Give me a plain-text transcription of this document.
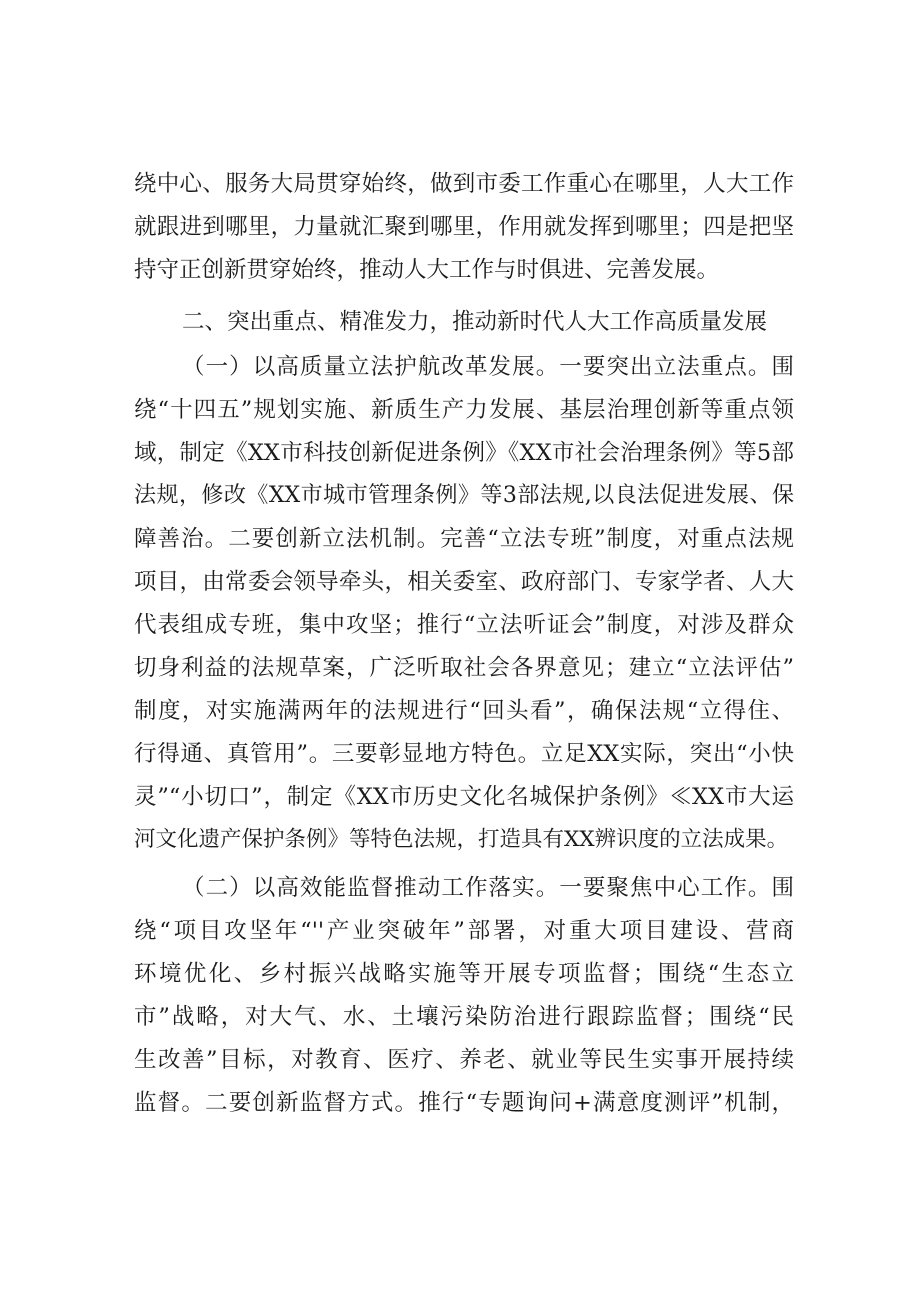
绕中心、服务大局贯穿始终，做到市委工作重心在哪里，人大工作
就跟进到哪里，力量就汇聚到哪里，作用就发挥到哪里；四是把坚
持守正创新贯穿始终，推动人大工作与时俱进、完善发展。
二、突出重点、精准发力，推动新时代人大工作高质量发展
（一）以高质量立法护航改革发展。一要突出立法重点。围
绕“十四五”规划实施、新质生产力发展、基层治理创新等重点领
域，制定《XX市科技创新促进条例》《XX市社会治理条例》等5部
法规，修改《XX市城市管理条例》等3部法规,以良法促进发展、保
障善治。二要创新立法机制。完善“立法专班”制度，对重点法规
项目，由常委会领导牵头，相关委室、政府部门、专家学者、人大
代表组成专班，集中攻坚；推行“立法听证会”制度，对涉及群众
切身利益的法规草案，广泛听取社会各界意见；建立“立法评估”
制度，对实施满两年的法规进行“回头看”，确保法规“立得住、
行得通、真管用”。三要彰显地方特色。立足XX实际，突出“小快
灵”“小切口”，制定《XX市历史文化名城保护条例》≪XX市大运
河文化遗产保护条例》等特色法规，打造具有XX辨识度的立法成果。
（二）以高效能监督推动工作落实。一要聚焦中心工作。围
绕“项目攻坚年“''产业突破年”部署，对重大项目建设、营商
环境优化、乡村振兴战略实施等开展专项监督；围绕“生态立
市”战略，对大气、水、土壤污染防治进行跟踪监督；围绕“民
生改善”目标，对教育、医疗、养老、就业等民生实事开展持续
监督。二要创新监督方式。推行“专题询问+满意度测评”机制，
